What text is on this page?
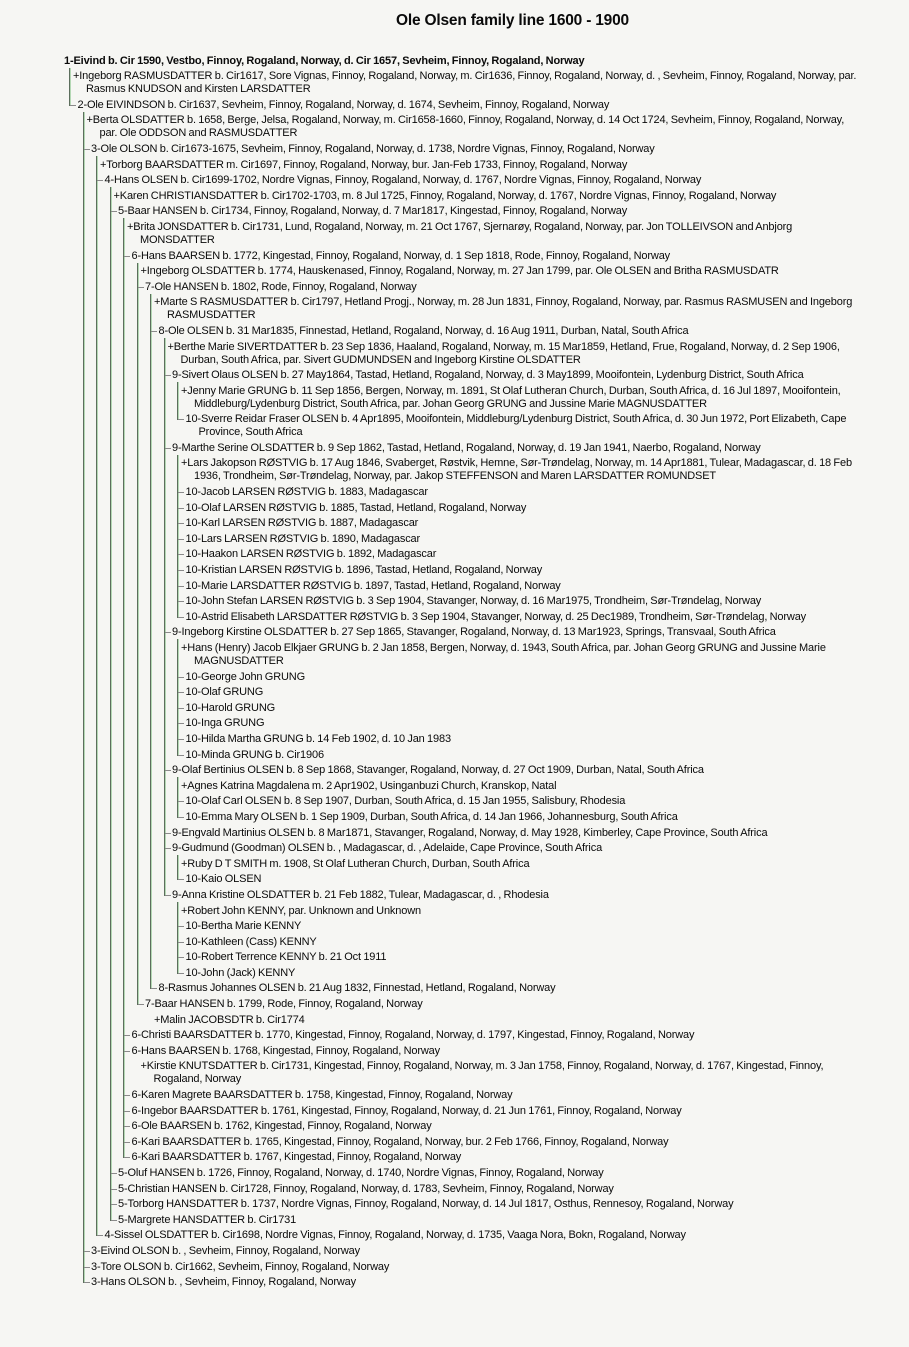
Ole Olsen family line 1600 - 1900
1-Eivind b. Cir 1590, Vestbo, Finnoy, Rogaland, Norway, d. Cir 1657, Sevheim, Finnoy, Rogaland, Norway
+Ingeborg RASMUSDATTER b. Cir1617, Sore Vignas, Finnoy, Rogaland, Norway, m. Cir1636, Finnoy, Rogaland, Norway, d. , Sevheim, Finnoy, Rogaland, Norway, par. Rasmus KNUDSON and Kirsten LARSDATTER
2-Ole EIVINDSON b. Cir1637, Sevheim, Finnoy, Rogaland, Norway, d. 1674, Sevheim, Finnoy, Rogaland, Norway
+Berta OLSDATTER b. 1658, Berge, Jelsa, Rogaland, Norway, m. Cir1658-1660, Finnoy, Rogaland, Norway, d. 14 Oct 1724, Sevheim, Finnoy, Rogaland, Norway, par. Ole ODDSON and RASMUSDATTER
3-Ole OLSON b. Cir1673-1675, Sevheim, Finnoy, Rogaland, Norway, d. 1738, Nordre Vignas, Finnoy, Rogaland, Norway
+Torborg BAARSDATTER m. Cir1697, Finnoy, Rogaland, Norway, bur. Jan-Feb 1733, Finnoy, Rogaland, Norway
4-Hans OLSEN b. Cir1699-1702, Nordre Vignas, Finnoy, Rogaland, Norway, d. 1767, Nordre Vignas, Finnoy, Rogaland, Norway
+Karen CHRISTIANSDATTER b. Cir1702-1703, m. 8 Jul 1725, Finnoy, Rogaland, Norway, d. 1767, Nordre Vignas, Finnoy, Rogaland, Norway
5-Baar HANSEN b. Cir1734, Finnoy, Rogaland, Norway, d. 7 Mar1817, Kingestad, Finnoy, Rogaland, Norway
+Brita JONSDATTER b. Cir1731, Lund, Rogaland, Norway, m. 21 Oct 1767, Sjernarøy, Rogaland, Norway, par. Jon TOLLEIVSON and Anbjorg MONSDATTER
6-Hans BAARSEN b. 1772, Kingestad, Finnoy, Rogaland, Norway, d. 1 Sep 1818, Rode, Finnoy, Rogaland, Norway
+Ingeborg OLSDATTER b. 1774, Hauskenased, Finnoy, Rogaland, Norway, m. 27 Jan 1799, par. Ole OLSEN and Britha RASMUSDATR
7-Ole HANSEN b. 1802, Rode, Finnoy, Rogaland, Norway
+Marte S RASMUSDATTER b. Cir1797, Hetland Progj., Norway, m. 28 Jun 1831, Finnoy, Rogaland, Norway, par. Rasmus RASMUSEN and Ingeborg RASMUSDATTER
8-Ole OLSEN b. 31 Mar1835, Finnestad, Hetland, Rogaland, Norway, d. 16 Aug 1911, Durban, Natal, South Africa
+Berthe Marie SIVERTDATTER b. 23 Sep 1836, Haaland, Rogaland, Norway, m. 15 Mar1859, Hetland, Frue, Rogaland, Norway, d. 2 Sep 1906, Durban, South Africa, par. Sivert GUDMUNDSEN and Ingeborg Kirstine OLSDATTER
9-Sivert Olaus OLSEN b. 27 May1864, Tastad, Hetland, Rogaland, Norway, d. 3 May1899, Mooifontein, Lydenburg District, South Africa
+Jenny Marie GRUNG b. 11 Sep 1856, Bergen, Norway, m. 1891, St Olaf Lutheran Church, Durban, South Africa, d. 16 Jul 1897, Mooifontein, Middleburg/Lydenburg District, South Africa, par. Johan Georg GRUNG and Jussine Marie MAGNUSDATTER
10-Sverre Reidar Fraser OLSEN b. 4 Apr1895, Mooifontein, Middleburg/Lydenburg District, South Africa, d. 30 Jun 1972, Port Elizabeth, Cape Province, South Africa
9-Marthe Serine OLSDATTER b. 9 Sep 1862, Tastad, Hetland, Rogaland, Norway, d. 19 Jan 1941, Naerbo, Rogaland, Norway
+Lars Jakopson RØSTVIG b. 17 Aug 1846, Svaberget, Røstvik, Hemne, Sør-Trøndelag, Norway, m. 14 Apr1881, Tulear, Madagascar, d. 18 Feb 1936, Trondheim, Sør-Trøndelag, Norway, par. Jakop STEFFENSON and Maren LARSDATTER ROMUNDSET
10-Jacob LARSEN RØSTVIG b. 1883, Madagascar
10-Olaf LARSEN RØSTVIG b. 1885, Tastad, Hetland, Rogaland, Norway
10-Karl LARSEN RØSTVIG b. 1887, Madagascar
10-Lars LARSEN RØSTVIG b. 1890, Madagascar
10-Haakon LARSEN RØSTVIG b. 1892, Madagascar
10-Kristian LARSEN RØSTVIG b. 1896, Tastad, Hetland, Rogaland, Norway
10-Marie LARSDATTER RØSTVIG b. 1897, Tastad, Hetland, Rogaland, Norway
10-John Stefan LARSEN RØSTVIG b. 3 Sep 1904, Stavanger, Norway, d. 16 Mar1975, Trondheim, Sør-Trøndelag, Norway
10-Astrid Elisabeth LARSDATTER RØSTVIG b. 3 Sep 1904, Stavanger, Norway, d. 25 Dec1989, Trondheim, Sør-Trøndelag, Norway
9-Ingeborg Kirstine OLSDATTER b. 27 Sep 1865, Stavanger, Rogaland, Norway, d. 13 Mar1923, Springs, Transvaal, South Africa
+Hans (Henry) Jacob Elkjaer GRUNG b. 2 Jan 1858, Bergen, Norway, d. 1943, South Africa, par. Johan Georg GRUNG and Jussine Marie MAGNUSDATTER
10-George John GRUNG
10-Olaf GRUNG
10-Harold GRUNG
10-Inga GRUNG
10-Hilda Martha GRUNG b. 14 Feb 1902, d. 10 Jan 1983
10-Minda GRUNG b. Cir1906
9-Olaf Bertinius OLSEN b. 8 Sep 1868, Stavanger, Rogaland, Norway, d. 27 Oct 1909, Durban, Natal, South Africa
+Agnes Katrina Magdalena m. 2 Apr1902, Usinganbuzi Church, Kranskop, Natal
10-Olaf Carl OLSEN b. 8 Sep 1907, Durban, South Africa, d. 15 Jan 1955, Salisbury, Rhodesia
10-Emma Mary OLSEN b. 1 Sep 1909, Durban, South Africa, d. 14 Jan 1966, Johannesburg, South Africa
9-Engvald Martinius OLSEN b. 8 Mar1871, Stavanger, Rogaland, Norway, d. May 1928, Kimberley, Cape Province, South Africa
9-Gudmund (Goodman) OLSEN b. , Madagascar, d. , Adelaide, Cape Province, South Africa
+Ruby D T SMITH m. 1908, St Olaf Lutheran Church, Durban, South Africa
10-Kaio OLSEN
9-Anna Kristine OLSDATTER b. 21 Feb 1882, Tulear, Madagascar, d. , Rhodesia
+Robert John KENNY, par. Unknown and Unknown
10-Bertha Marie KENNY
10-Kathleen (Cass) KENNY
10-Robert Terrence KENNY b. 21 Oct 1911
10-John (Jack) KENNY
8-Rasmus Johannes OLSEN b. 21 Aug 1832, Finnestad, Hetland, Rogaland, Norway
7-Baar HANSEN b. 1799, Rode, Finnoy, Rogaland, Norway
+Malin JACOBSDTR b. Cir1774
6-Christi BAARSDATTER b. 1770, Kingestad, Finnoy, Rogaland, Norway, d. 1797, Kingestad, Finnoy, Rogaland, Norway
6-Hans BAARSEN b. 1768, Kingestad, Finnoy, Rogaland, Norway
+Kirstie KNUTSDATTER b. Cir1731, Kingestad, Finnoy, Rogaland, Norway, m. 3 Jan 1758, Finnoy, Rogaland, Norway, d. 1767, Kingestad, Finnoy, Rogaland, Norway
6-Karen Magrete BAARSDATTER b. 1758, Kingestad, Finnoy, Rogaland, Norway
6-Ingebor BAARSDATTER b. 1761, Kingestad, Finnoy, Rogaland, Norway, d. 21 Jun 1761, Finnoy, Rogaland, Norway
6-Ole BAARSEN b. 1762, Kingestad, Finnoy, Rogaland, Norway
6-Kari BAARSDATTER b. 1765, Kingestad, Finnoy, Rogaland, Norway, bur. 2 Feb 1766, Finnoy, Rogaland, Norway
6-Kari BAARSDATTER b. 1767, Kingestad, Finnoy, Rogaland, Norway
5-Oluf HANSEN b. 1726, Finnoy, Rogaland, Norway, d. 1740, Nordre Vignas, Finnoy, Rogaland, Norway
5-Christian HANSEN b. Cir1728, Finnoy, Rogaland, Norway, d. 1783, Sevheim, Finnoy, Rogaland, Norway
5-Torborg HANSDATTER b. 1737, Nordre Vignas, Finnoy, Rogaland, Norway, d. 14 Jul 1817, Osthus, Rennesoy, Rogaland, Norway
5-Margrete HANSDATTER b. Cir1731
4-Sissel OLSDATTER b. Cir1698, Nordre Vignas, Finnoy, Rogaland, Norway, d. 1735, Vaaga Nora, Bokn, Rogaland, Norway
3-Eivind OLSON b. , Sevheim, Finnoy, Rogaland, Norway
3-Tore OLSON b. Cir1662, Sevheim, Finnoy, Rogaland, Norway
3-Hans OLSON b. , Sevheim, Finnoy, Rogaland, Norway
